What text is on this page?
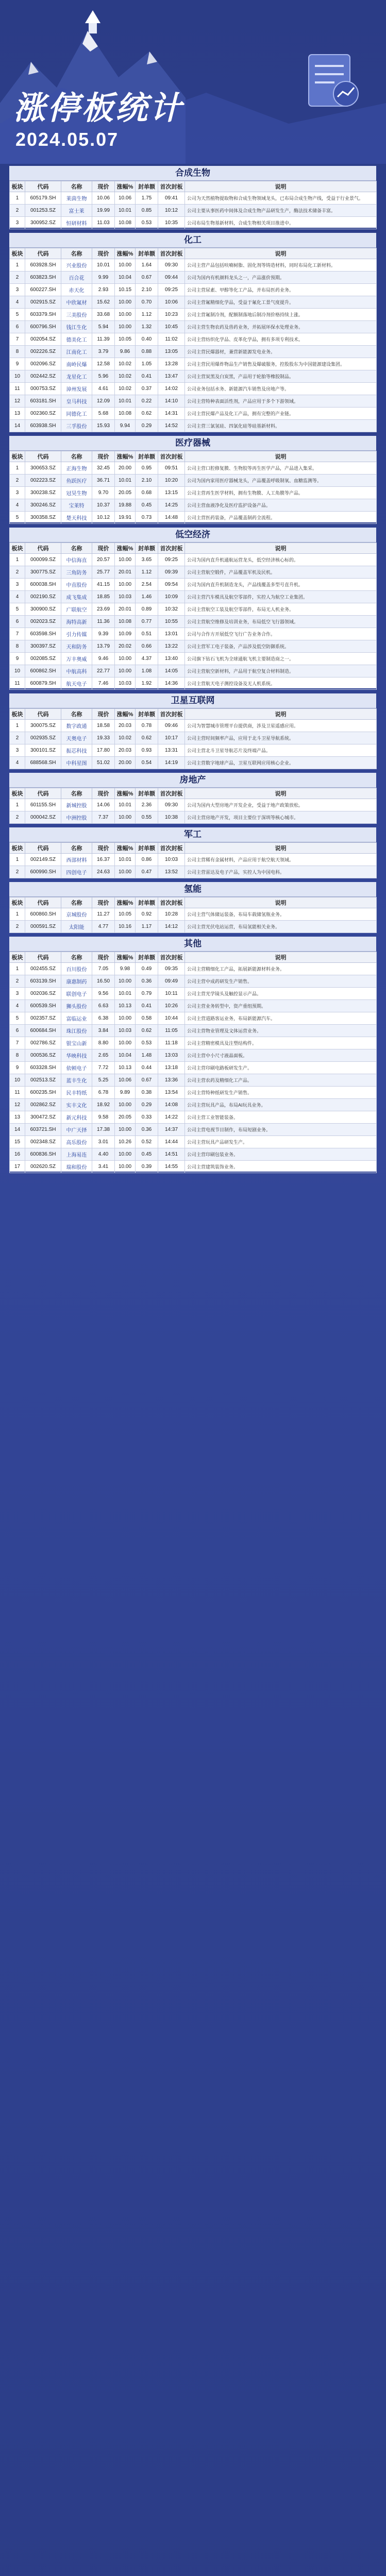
涨停板统计
2024.05.07
合成生物
板块	代码	名称	现价	涨幅%	封单额	首次封板	说明
1	605179.SH	莱茵生物	10.06	10.06	1.75	09:41	公司为天然植物提取物和合成生物领域龙头，已布局合成生物产线，受益于行业景气。
2	001253.SZ	富士莱	19.99	10.01	0.85	10:12	公司主要从事医药中间体及合成生物产品研发生产，酶法技术储备丰富。
3	300952.SZ	恒研材料	11.03	10.08	0.53	10:35	公司布局生物基新材料，合成生物相关项目推进中。
化工
板块	代码	名称	现价	涨幅%	封单额	首次封板	说明
1	603928.SH	兴业股份	10.01	10.00	1.64	09:30	公司主营产品包括呋喃树脂、固化剂等铸造材料，同时布局化工新材料。
2	603823.SH	百合花	9.99	10.04	0.67	09:44	公司为国内有机颜料龙头之一，产品涨价预期。
3	600227.SH	赤天化	2.93	10.15	2.10	09:25	公司主营尿素、甲醇等化工产品，并布局医药业务。
4	002915.SZ	中欣氟材	15.62	10.00	0.70	10:06	公司主营氟精细化学品，受益于氟化工景气度提升。
5	603379.SH	三美股份	33.68	10.00	1.12	10:23	公司主营氟制冷剂，配额制落地后制冷剂价格持续上涨。
6	600796.SH	钱江生化	5.94	10.00	1.32	10:45	公司主营生物农药及兽药业务，并拓展环保水处理业务。
7	002054.SZ	德美化工	11.39	10.05	0.40	11:02	公司主营纺织化学品、皮革化学品，拥有多项专利技术。
8	002226.SZ	江南化工	3.79	9.86	0.88	13:05	公司主营民爆器材，兼营新能源发电业务。
9	002096.SZ	南岭民爆	12.58	10.02	1.05	13:28	公司主营民用爆炸物品生产销售及爆破服务，控股股东为中国能源建设集团。
10	002442.SZ	龙星化工	5.96	10.02	0.41	13:47	公司主营炭黑及白炭黑，产品用于轮胎等橡胶制品。
11	000753.SZ	漳州发展	4.61	10.02	0.37	14:02	公司业务包括水务、新能源汽车销售及房地产等。
12	603181.SH	皇马科技	12.09	10.01	0.22	14:10	公司主营特种表面活性剂，产品应用于多个下游领域。
13	002360.SZ	同德化工	5.68	10.08	0.62	14:31	公司主营民爆产品及化工产品，拥有完整的产业链。
14	603938.SH	三孚股份	15.93	9.94	0.29	14:52	公司主营三氯氢硅、四氯化硅等硅基新材料。
医疗器械
板块	代码	名称	现价	涨幅%	封单额	首次封板	说明
1	300653.SZ	正海生物	32.45	20.00	0.95	09:51	公司主营口腔修复膜、生物胶等再生医学产品，产品进入集采。
2	002223.SZ	鱼跃医疗	36.71	10.01	2.10	10:20	公司为国内家用医疗器械龙头，产品覆盖呼吸制氧、血糖监测等。
3	300238.SZ	冠昊生物	9.70	20.05	0.68	13:15	公司主营再生医学材料，拥有生物膜、人工角膜等产品。
4	300246.SZ	宝莱特	10.37	19.88	0.45	14:25	公司主营血液净化及医疗监护设备产品。
5	300358.SZ	楚天科技	10.12	19.91	0.73	14:48	公司主营医药装备，产品覆盖制药全流程。
低空经济
板块	代码	名称	现价	涨幅%	封单额	首次封板	说明
1	000099.SZ	中信海直	20.57	10.00	3.65	09:25	公司为国内直升机通航运营龙头，低空经济核心标的。
2	300775.SZ	三角防务	25.77	20.01	1.12	09:39	公司主营航空锻件，产品覆盖军机及民机。
3	600038.SH	中直股份	41.15	10.00	2.54	09:54	公司为国内直升机制造龙头，产品线覆盖多型号直升机。
4	002190.SZ	成飞集成	18.85	10.03	1.46	10:09	公司主营汽车模具及航空零部件，实控人为航空工业集团。
5	300900.SZ	广联航空	23.69	20.01	0.89	10:32	公司主营航空工装及航空零部件，布局无人机业务。
6	002023.SZ	海特高新	11.36	10.08	0.77	10:55	公司主营航空维修及培训业务，布局低空飞行器领域。
7	603598.SH	引力传媒	9.39	10.09	0.51	13:01	公司与合作方开展低空飞行广告业务合作。
8	300397.SZ	天和防务	13.79	20.02	0.66	13:22	公司主营军工电子装备，产品涉及低空防御系统。
9	002085.SZ	万丰奥威	9.46	10.00	4.37	13:40	公司旗下钻石飞机为全球通航飞机主要制造商之一。
10	600862.SH	中航高科	22.77	10.00	1.08	14:05	公司主营航空新材料，产品用于航空复合材料制造。
11	600879.SH	航天电子	7.46	10.03	1.92	14:36	公司主营航天电子测控设备及无人机系统。
卫星互联网
板块	代码	名称	现价	涨幅%	封单额	首次封板	说明
1	300075.SZ	数字政通	18.58	20.03	0.78	09:46	公司为智慧城市管理平台提供商，涉及卫星遥感应用。
2	002935.SZ	天奥电子	19.33	10.02	0.62	10:17	公司主营时间频率产品，应用于北斗卫星导航系统。
3	300101.SZ	振芯科技	17.80	20.03	0.93	13:31	公司主营北斗卫星导航芯片及终端产品。
4	688568.SH	中科星图	51.02	20.00	0.54	14:19	公司主营数字地球产品，卫星互联网应用核心企业。
房地产
板块	代码	名称	现价	涨幅%	封单额	首次封板	说明
1	601155.SH	新城控股	14.06	10.01	2.36	09:30	公司为国内大型房地产开发企业，受益于地产政策放松。
2	000042.SZ	中洲控股	7.37	10.00	0.55	10:38	公司主营房地产开发，项目主要位于深圳等核心城市。
军工
板块	代码	名称	现价	涨幅%	封单额	首次封板	说明
1	002149.SZ	西部材料	16.37	10.01	0.86	10:03	公司主营稀有金属材料，产品应用于航空航天领域。
2	600990.SH	四创电子	24.63	10.00	0.47	13:52	公司主营雷达及电子产品，实控人为中国电科。
氢能
板块	代码	名称	现价	涨幅%	封单额	首次封板	说明
1	600860.SH	京城股份	11.27	10.05	0.92	10:28	公司主营气体储运装备，布局车载储氢瓶业务。
2	000591.SZ	太阳能	4.77	10.16	1.17	14:12	公司主营光伏电站运营，布局氢能相关业务。
其他
板块	代码	名称	现价	涨幅%	封单额	首次封板	说明
1	002455.SZ	百川股份	7.05	9.98	0.49	09:35	公司主营精细化工产品，拓展新能源材料业务。
2	603139.SH	康惠制药	16.50	10.00	0.36	09:49	公司主营中成药研发生产销售。
3	002036.SZ	联创电子	9.56	10.01	0.79	10:11	公司主营光学镜头及触控显示产品。
4	600539.SH	狮头股份	6.63	10.13	0.41	10:26	公司主营业务转型中，资产重组预期。
5	002357.SZ	富临运业	6.38	10.00	0.58	10:44	公司主营道路客运业务，布局新能源汽车。
6	600684.SH	珠江股份	3.84	10.03	0.62	11:05	公司主营物业管理及文体运营业务。
7	002786.SZ	银宝山新	8.80	10.00	0.53	11:18	公司主营精密模具及注塑结构件。
8	000536.SZ	华映科技	2.65	10.04	1.48	13:03	公司主营中小尺寸液晶面板。
9	603328.SH	依顿电子	7.72	10.13	0.44	13:18	公司主营印刷电路板研发生产。
10	002513.SZ	蓝丰生化	5.25	10.06	0.67	13:36	公司主营农药及精细化工产品。
11	600235.SH	民丰特纸	6.78	9.89	0.38	13:54	公司主营特种纸研发生产销售。
12	002862.SZ	实丰文化	18.92	10.00	0.29	14:08	公司主营玩具产品，布局AI玩具业务。
13	300472.SZ	新元科技	9.58	20.05	0.33	14:22	公司主营工业智能装备。
14	603721.SH	中广天择	17.38	10.00	0.36	14:37	公司主营电视节目制作，布局短剧业务。
15	002348.SZ	高乐股份	3.01	10.26	0.52	14:44	公司主营玩具产品研发生产。
16	600836.SH	上海易连	4.40	10.00	0.45	14:51	公司主营印刷包装业务。
17	002620.SZ	瑞和股份	3.41	10.00	0.39	14:55	公司主营建筑装饰业务。
